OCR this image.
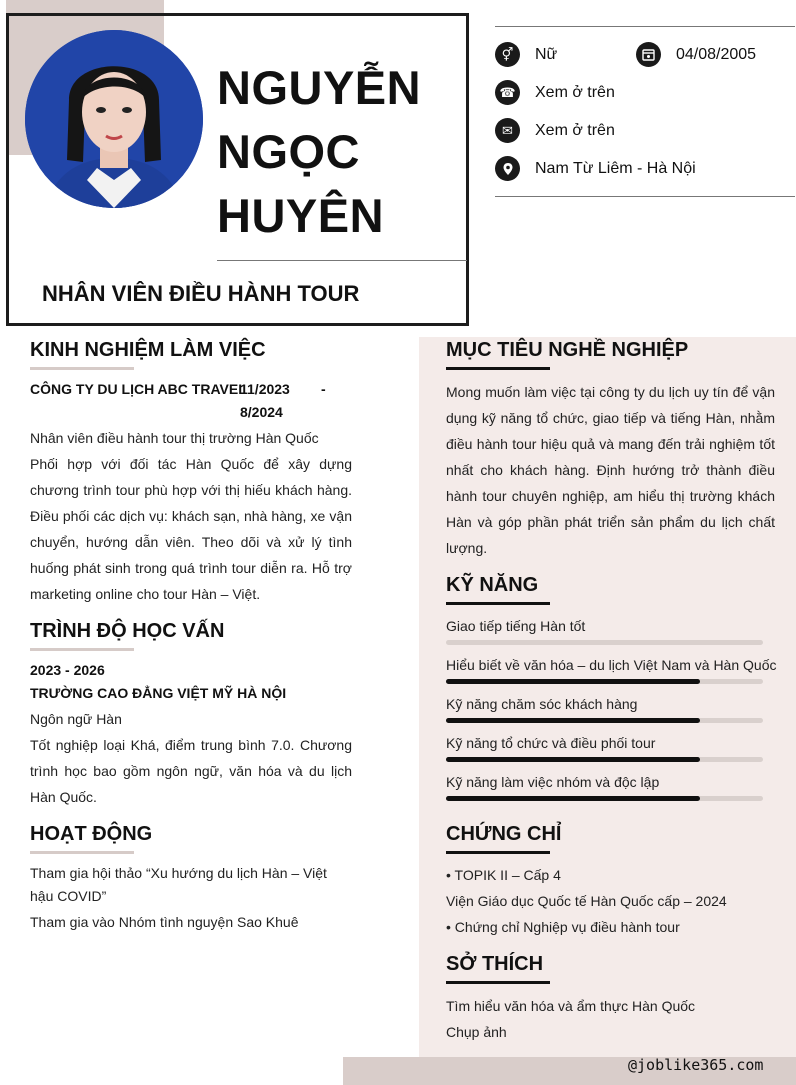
NGUYỄN
NGỌC
HUYÊN
NHÂN VIÊN ĐIỀU HÀNH TOUR
⚥	Nữ	04/08/2005
☎ Xem ở trên
✉	Xem ở trên
Nam Từ Liêm - Hà Nội
KINH NGHIỆM LÀM VIỆC
CÔNG TY DU LỊCH ABC TRAVEL
11/2023 -
8/2024
Nhân viên điều hành tour thị trường Hàn Quốc
Phối hợp với đối tác Hàn Quốc để xây dựng chương trình tour phù hợp với thị hiếu khách hàng. Điều phối các dịch vụ: khách sạn, nhà hàng, xe vận chuyển, hướng dẫn viên. Theo dõi và xử lý tình huống phát sinh trong quá trình tour diễn ra. Hỗ trợ marketing online cho tour Hàn – Việt.
TRÌNH ĐỘ HỌC VẤN
2023 - 2026
TRƯỜNG CAO ĐẲNG VIỆT MỸ HÀ NỘI
Ngôn ngữ Hàn
Tốt nghiệp loại Khá, điểm trung bình 7.0. Chương trình học bao gồm ngôn ngữ, văn hóa và du lịch Hàn Quốc.
HOẠT ĐỘNG
Tham gia hội thảo “Xu hướng du lịch Hàn – Việt hậu COVID”
Tham gia vào Nhóm tình nguyện Sao Khuê
MỤC TIÊU NGHỀ NGHIỆP
Mong muốn làm việc tại công ty du lịch uy tín để vận dụng kỹ năng tổ chức, giao tiếp và tiếng Hàn, nhằm điều hành tour hiệu quả và mang đến trải nghiệm tốt nhất cho khách hàng. Định hướng trở thành điều hành tour chuyên nghiệp, am hiểu thị trường khách Hàn và góp phần phát triển sản phẩm du lịch chất lượng.
KỸ NĂNG
Giao tiếp tiếng Hàn tốt
Hiểu biết về văn hóa – du lịch Việt Nam và Hàn Quốc
Kỹ năng chăm sóc khách hàng
Kỹ năng tổ chức và điều phối tour
Kỹ năng làm việc nhóm và độc lập
CHỨNG CHỈ
• TOPIK II – Cấp 4
Viện Giáo dục Quốc tế Hàn Quốc cấp – 2024
• Chứng chỉ Nghiệp vụ điều hành tour
SỞ THÍCH
Tìm hiểu văn hóa và ẩm thực Hàn Quốc
Chụp ảnh
@joblike365.com
